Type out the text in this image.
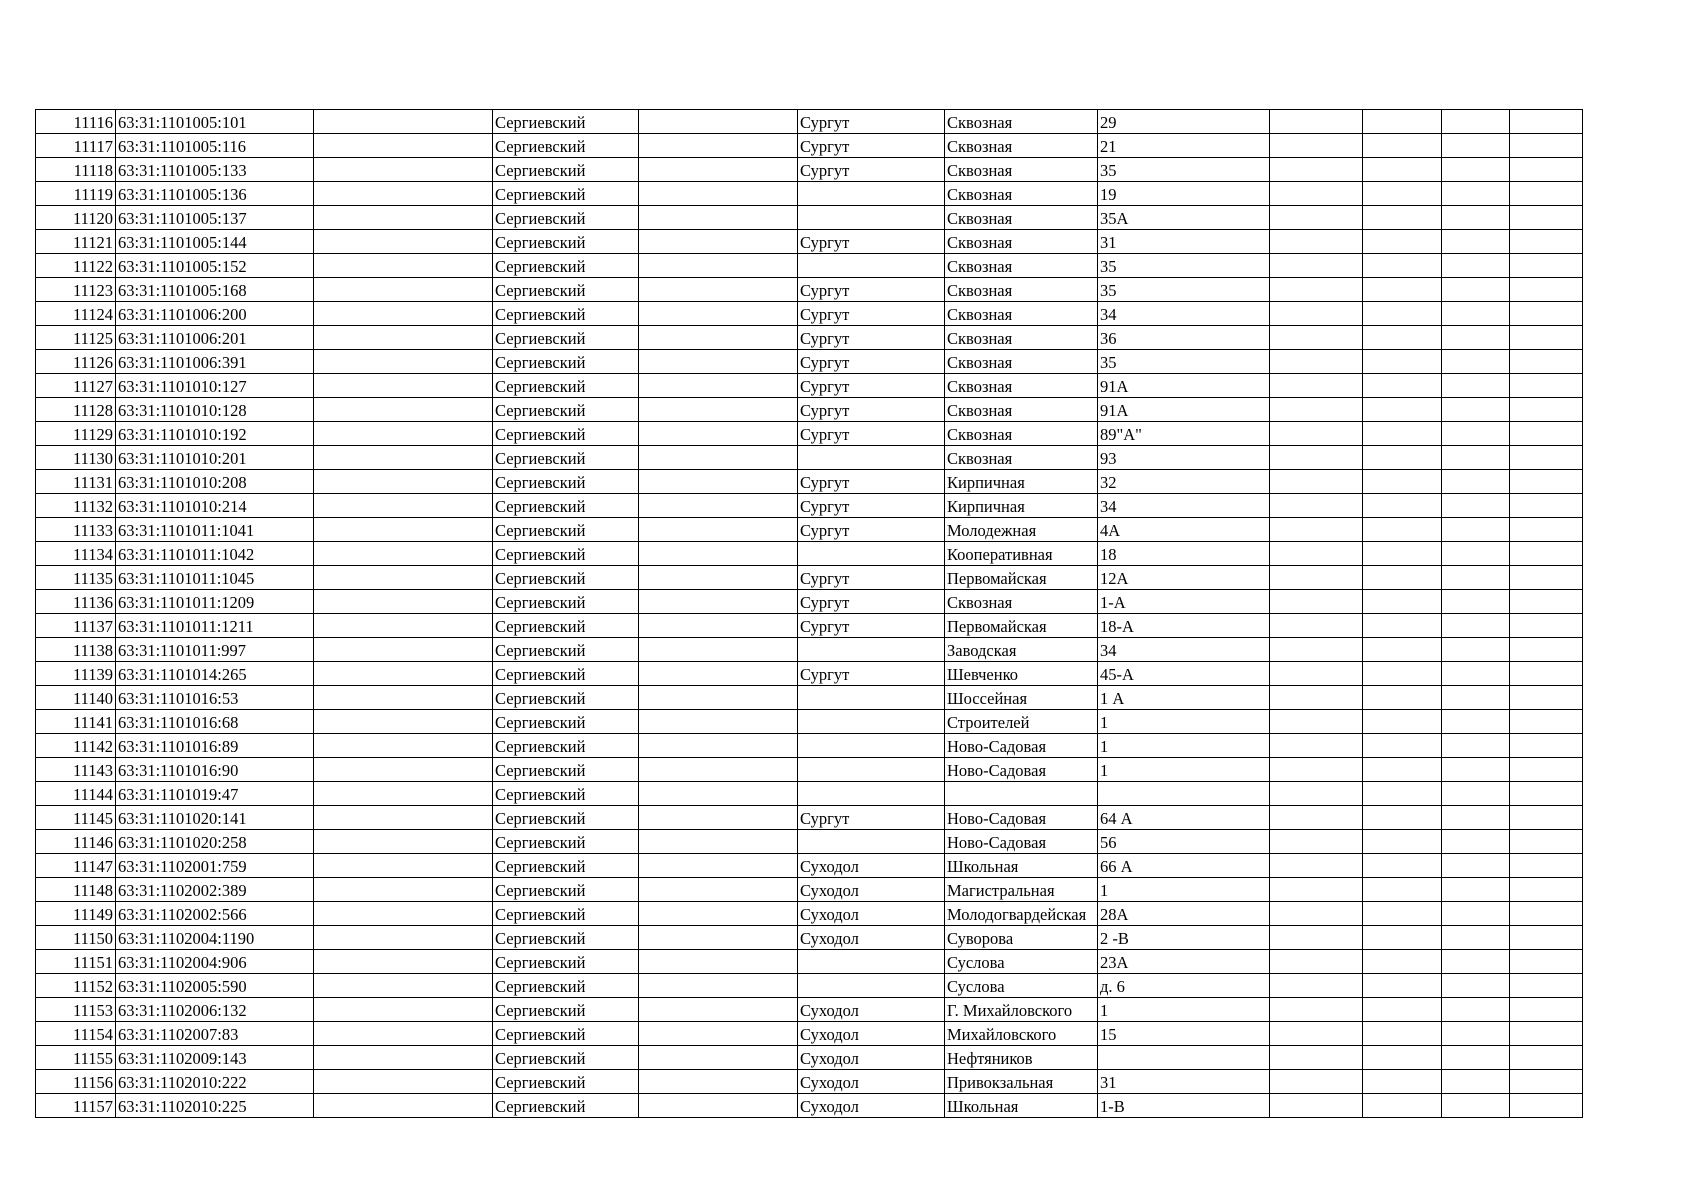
11116	63:31:1101005:101		Сергиевский		Сургут	Сквозная	29				
11117	63:31:1101005:116		Сергиевский		Сургут	Сквозная	21				
11118	63:31:1101005:133		Сергиевский		Сургут	Сквозная	35				
11119	63:31:1101005:136		Сергиевский			Сквозная	19				
11120	63:31:1101005:137		Сергиевский			Сквозная	35А				
11121	63:31:1101005:144		Сергиевский		Сургут	Сквозная	31				
11122	63:31:1101005:152		Сергиевский			Сквозная	35				
11123	63:31:1101005:168		Сергиевский		Сургут	Сквозная	35				
11124	63:31:1101006:200		Сергиевский		Сургут	Сквозная	34				
11125	63:31:1101006:201		Сергиевский		Сургут	Сквозная	36				
11126	63:31:1101006:391		Сергиевский		Сургут	Сквозная	35				
11127	63:31:1101010:127		Сергиевский		Сургут	Сквозная	91А				
11128	63:31:1101010:128		Сергиевский		Сургут	Сквозная	91А				
11129	63:31:1101010:192		Сергиевский		Сургут	Сквозная	89"А"				
11130	63:31:1101010:201		Сергиевский			Сквозная	93				
11131	63:31:1101010:208		Сергиевский		Сургут	Кирпичная	32				
11132	63:31:1101010:214		Сергиевский		Сургут	Кирпичная	34				
11133	63:31:1101011:1041		Сергиевский		Сургут	Молодежная	4А				
11134	63:31:1101011:1042		Сергиевский			Кооперативная	18				
11135	63:31:1101011:1045		Сергиевский		Сургут	Первомайская	12А				
11136	63:31:1101011:1209		Сергиевский		Сургут	Сквозная	1-А				
11137	63:31:1101011:1211		Сергиевский		Сургут	Первомайская	18-А				
11138	63:31:1101011:997		Сергиевский			Заводская	34				
11139	63:31:1101014:265		Сергиевский		Сургут	Шевченко	45-А				
11140	63:31:1101016:53		Сергиевский			Шоссейная	1 А				
11141	63:31:1101016:68		Сергиевский			Строителей	1				
11142	63:31:1101016:89		Сергиевский			Ново-Садовая	1				
11143	63:31:1101016:90		Сергиевский			Ново-Садовая	1				
11144	63:31:1101019:47		Сергиевский								
11145	63:31:1101020:141		Сергиевский		Сургут	Ново-Садовая	64 А				
11146	63:31:1101020:258		Сергиевский			Ново-Садовая	56				
11147	63:31:1102001:759		Сергиевский		Суходол	Школьная	66 А				
11148	63:31:1102002:389		Сергиевский		Суходол	Магистральная	1				
11149	63:31:1102002:566		Сергиевский		Суходол	Молодогвардейская	28А				
11150	63:31:1102004:1190		Сергиевский		Суходол	Суворова	2 -В				
11151	63:31:1102004:906		Сергиевский			Суслова	23А				
11152	63:31:1102005:590		Сергиевский			Суслова	д. 6				
11153	63:31:1102006:132		Сергиевский		Суходол	Г. Михайловского	1				
11154	63:31:1102007:83		Сергиевский		Суходол	Михайловского	15				
11155	63:31:1102009:143		Сергиевский		Суходол	Нефтяников					
11156	63:31:1102010:222		Сергиевский		Суходол	Привокзальная	31				
11157	63:31:1102010:225		Сергиевский		Суходол	Школьная	1-В				
